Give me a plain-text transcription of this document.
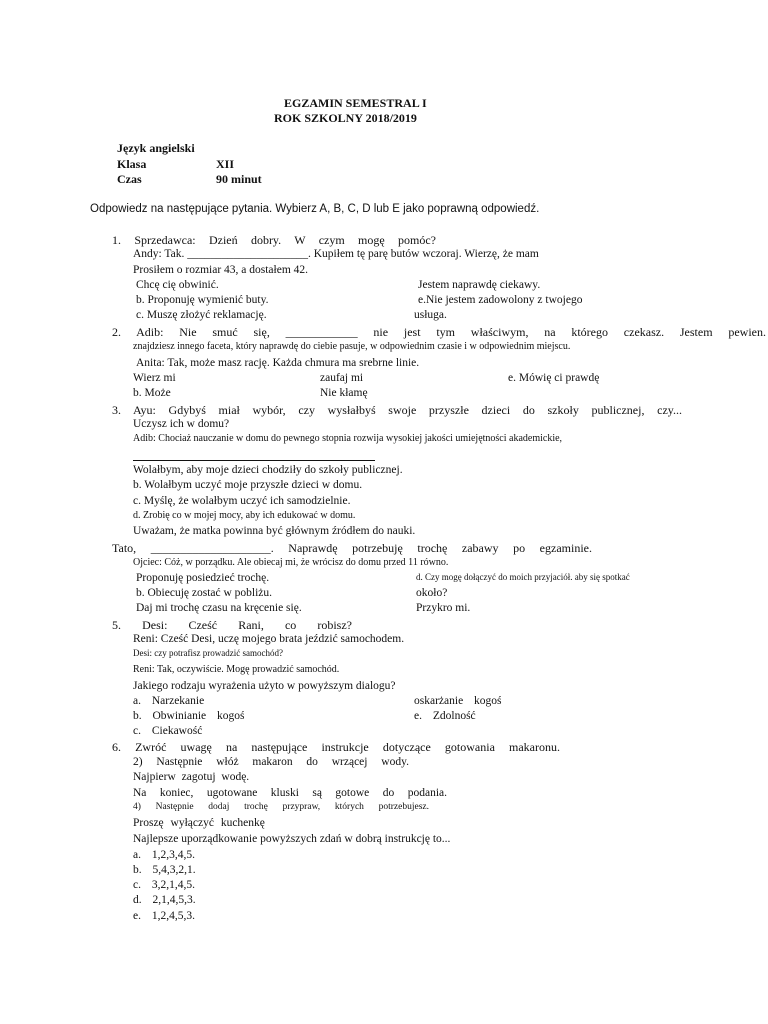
EGZAMIN SEMESTRAL I
ROK SZKOLNY 2018/2019
Język angielski
Klasa	XII
Czas	90 minut
Odpowiedz na następujące pytania. Wybierz A, B, C, D lub E jako poprawną odpowiedź.
1. Sprzedawca: Dzień dobry. W czym mogę pomóc?
Andy: Tak. _____________________. Kupiłem tę parę butów wczoraj. Wierzę, że mam
Prosiłem o rozmiar 43, a dostałem 42.
Chcę cię obwinić.	Jestem naprawdę ciekawy.
b. Proponuję wymienić buty.	e.Nie jestem zadowolony z twojego
c. Muszę złożyć reklamację.	usługa.
2. Adib: Nie smuć się, ____________ nie jest tym właściwym, na którego czekasz. Jestem pewien.
znajdziesz innego faceta, który naprawdę do ciebie pasuje, w odpowiednim czasie i w odpowiednim miejscu.
Anita: Tak, może masz rację. Każda chmura ma srebrne linie.
Wierz mi	zaufaj mi	e. Mówię ci prawdę
b. Może	Nie kłamę
3. Ayu: Gdybyś miał wybór, czy wysłałbyś swoje przyszłe dzieci do szkoły publicznej, czy...
Uczysz ich w domu?
Adib: Chociaż nauczanie w domu do pewnego stopnia rozwija wysokiej jakości umiejętności akademickie,
Wolałbym, aby moje dzieci chodziły do szkoły publicznej.
b. Wolałbym uczyć moje przyszłe dzieci w domu.
c. Myślę, że wolałbym uczyć ich samodzielnie.
d. Zrobię co w mojej mocy, aby ich edukować w domu.
Uważam, że matka powinna być głównym źródłem do nauki.
Tato, ____________________. Naprawdę potrzebuję trochę zabawy po egzaminie.
Ojciec: Cóż, w porządku. Ale obiecaj mi, że wrócisz do domu przed 11 równo.
Proponuję posiedzieć trochę.	d. Czy mogę dołączyć do moich przyjaciół. aby się spotkać
b. Obiecuję zostać w pobliżu.	około?
Daj mi trochę czasu na kręcenie się.	Przykro mi.
5. Desi: Cześć Rani, co robisz?
Reni: Cześć Desi, uczę mojego brata jeździć samochodem.
Desi: czy potrafisz prowadzić samochód?
Reni: Tak, oczywiście. Mogę prowadzić samochód.
Jakiego rodzaju wyrażenia użyto w powyższym dialogu?
a. Narzekanie	oskarżanie kogoś
b. Obwinianie kogoś	e. Zdolność
c. Ciekawość
6. Zwróć uwagę na następujące instrukcje dotyczące gotowania makaronu.
2) Następnie włóż makaron do wrzącej wody.
Najpierw zagotuj wodę.
Na koniec, ugotowane kluski są gotowe do podania.
4) Następnie dodaj trochę przypraw, których potrzebujesz.
Proszę wyłączyć kuchenkę
Najlepsze uporządkowanie powyższych zdań w dobrą instrukcję to...
a. 1,2,3,4,5.
b. 5,4,3,2,1.
c. 3,2,1,4,5.
d. 2,1,4,5,3.
e. 1,2,4,5,3.
